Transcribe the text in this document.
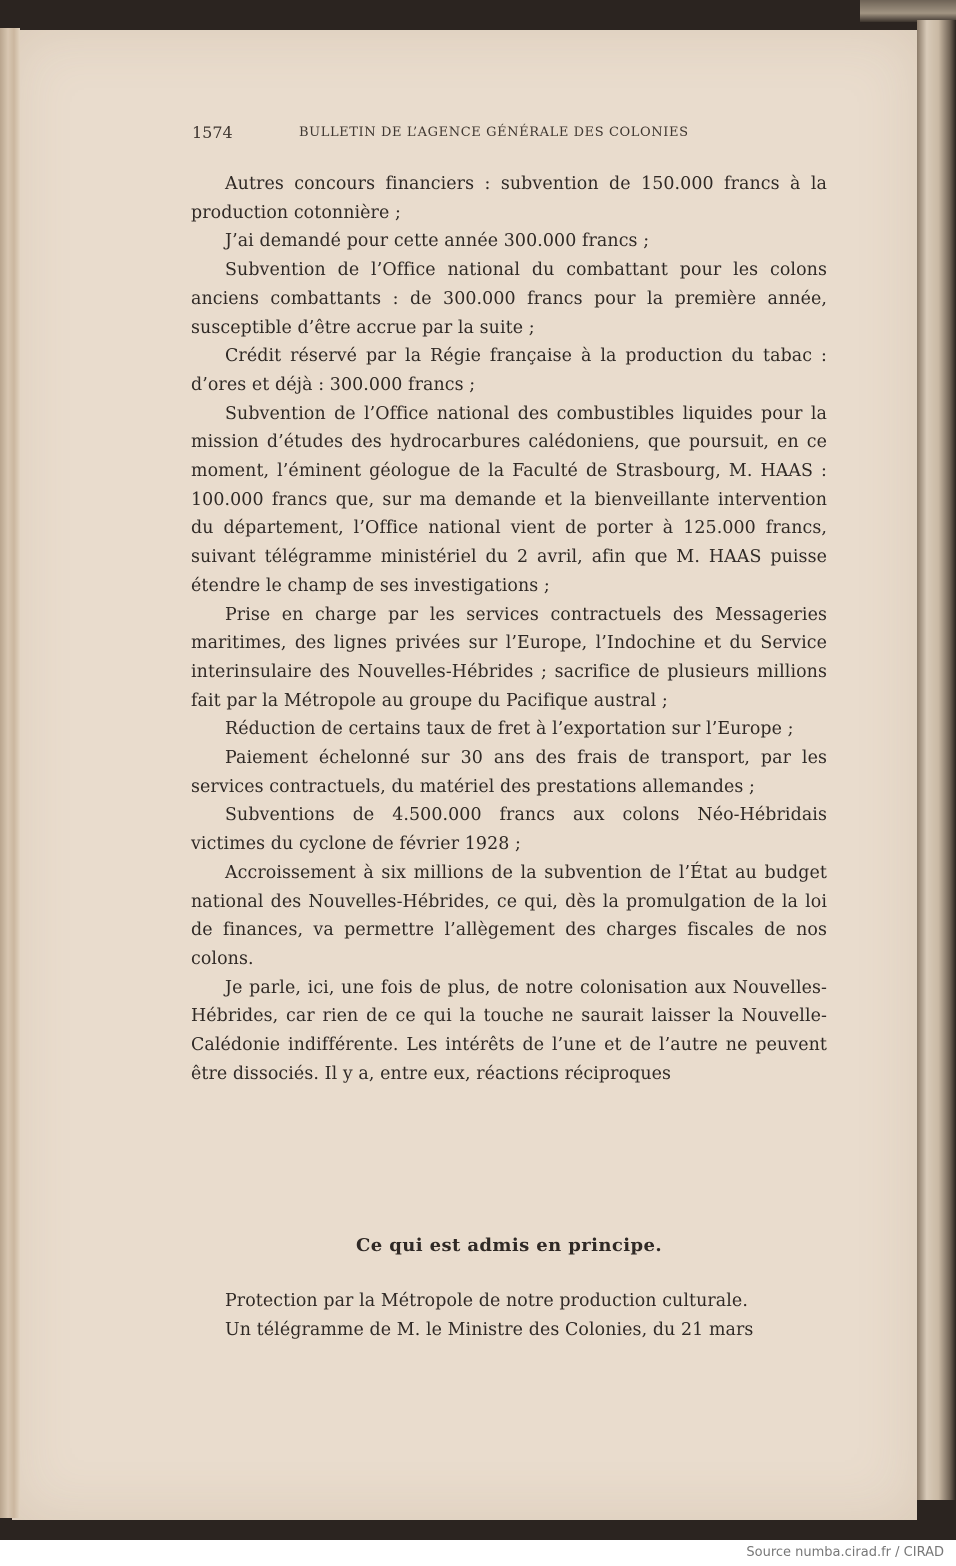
1574	BULLETIN DE L’AGENCE GÉNÉRALE DES COLONIES

Autres concours financiers : subvention de 150.000 francs à la production cotonnière ;

J’ai demandé pour cette année 300.000 francs ;

Subvention de l’Office national du combattant pour les colons anciens combattants : de 300.000 francs pour la première année, susceptible d’être accrue par la suite ;

Crédit réservé par la Régie française à la production du tabac : d’ores et déjà : 300.000 francs ;

Subvention de l’Office national des combustibles liquides pour la mission d’études des hydrocarbures calédoniens, que poursuit, en ce moment, l’éminent géologue de la Faculté de Strasbourg, M. HAAS : 100.000 francs que, sur ma demande et la bienveillante intervention du département, l’Office national vient de porter à 125.000 francs, suivant télégramme ministériel du 2 avril, afin que M. HAAS puisse étendre le champ de ses investigations ;

Prise en charge par les services contractuels des Messageries maritimes, des lignes privées sur l’Europe, l’Indochine et du Service interinsulaire des Nouvelles-Hébrides ; sacrifice de plusieurs millions fait par la Métropole au groupe du Pacifique austral ;

Réduction de certains taux de fret à l’exportation sur l’Europe ;

Paiement échelonné sur 30 ans des frais de transport, par les services contractuels, du matériel des prestations allemandes ;

Subventions de 4.500.000 francs aux colons Néo-Hébridais victimes du cyclone de février 1928 ;

Accroissement à six millions de la subvention de l’État au budget national des Nouvelles-Hébrides, ce qui, dès la promulgation de la loi de finances, va permettre l’allègement des charges fiscales de nos colons.

Je parle, ici, une fois de plus, de notre colonisation aux Nouvelles-Hébrides, car rien de ce qui la touche ne saurait laisser la Nouvelle-Calédonie indifférente. Les intérêts de l’une et de l’autre ne peuvent être dissociés. Il y a, entre eux, réactions réciproques

Ce qui est admis en principe.

Protection par la Métropole de notre production culturale.

Un télégramme de M. le Ministre des Colonies, du 21 mars

Source numba.cirad.fr / CIRAD
